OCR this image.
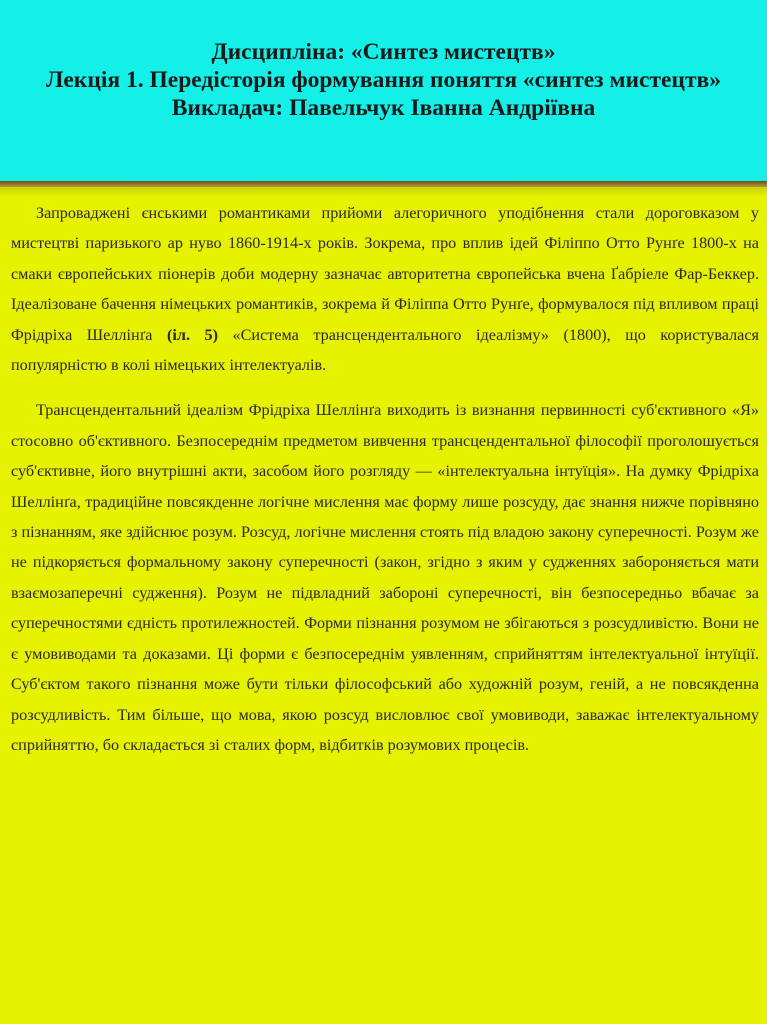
Дисципліна: «Синтез мистецтв»

Лекція 1. Передісторія формування поняття «синтез мистецтв»

Викладач: Павельчук Іванна Андріївна

Запроваджені єнськими романтиками прийоми алегоричного уподібнення стали дороговказом у мистецтві паризького ар нуво 1860-1914-х років. Зокрема, про вплив ідей Філіппо Отто Рунґе 1800-х на смаки європейських піонерів доби модерну зазначає авторитетна європейська вчена Ґабріеле Фар-Беккер. Ідеалізоване бачення німецьких романтиків, зокрема й Філіппа Отто Рунґе, формувалося під впливом праці Фрідріха Шеллінґа (іл. 5) «Система трансцендентального ідеалізму» (1800), що користувалася популярністю в колі німецьких інтелектуалів.

Трансцендентальний ідеалізм Фрідріха Шеллінґа виходить із визнання первинності суб'єктивного «Я» стосовно об'єктивного. Безпосереднім предметом вивчення трансцендентальної філософії проголошується суб'єктивне, його внутрішні акти, засобом його розгляду — «інтелектуальна інтуїція». На думку Фрідріха Шеллінґа, традиційне повсякденне логічне мислення має форму лише розсуду, дає знання нижче порівняно з пізнанням, яке здійснює розум. Розсуд, логічне мислення стоять під владою закону суперечності. Розум же не підкоряється формальному закону суперечності (закон, згідно з яким у судженнях забороняється мати взаємозаперечні судження). Розум не підвладний забороні суперечності, він безпосередньо вбачає за суперечностями єдність протилежностей. Форми пізнання розумом не збігаються з розсудливістю. Вони не є умовиводами та доказами. Ці форми є безпосереднім уявленням, сприйняттям інтелектуальної інтуїції. Суб'єктом такого пізнання може бути тільки філософський або художній розум, геній, а не повсякденна розсудливість. Тим більше, що мова, якою розсуд висловлює свої умовиводи, заважає інтелектуальному сприйняттю, бо складається зі сталих форм, відбитків розумових процесів.
